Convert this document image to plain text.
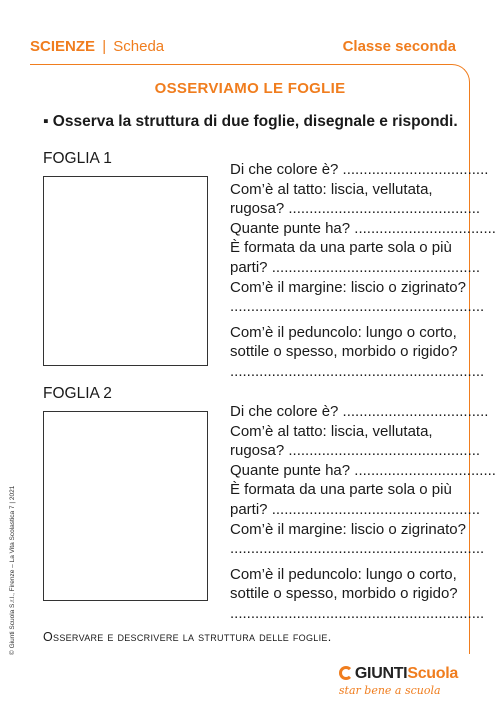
SCIENZE | Scheda	Classe seconda
OSSERVIAMO LE FOGLIE
▪ Osserva la struttura di due foglie, disegnale e rispondi.
FOGLIA 1
Di che colore è? ...................................
Com’è al tatto: liscia, vellutata,
rugosa? ..............................................
Quante punte ha? ..................................
È formata da una parte sola o più
parti? ..................................................
Com’è il margine: liscio o zigrinato?
.............................................................
Com’è il peduncolo: lungo o corto,
sottile o spesso, morbido o rigido?
.............................................................
FOGLIA 2
Di che colore è? ...................................
Com’è al tatto: liscia, vellutata,
rugosa? ..............................................
Quante punte ha? ..................................
È formata da una parte sola o più
parti? ..................................................
Com’è il margine: liscio o zigrinato?
.............................................................
Com’è il peduncolo: lungo o corto,
sottile o spesso, morbido o rigido?
.............................................................
Osservare e descrivere la struttura delle foglie.
© Giunti Scuola S.r.l., Firenze – La Vita Scolastica 7 | 2021
GIUNTIScuola
star bene a scuola
